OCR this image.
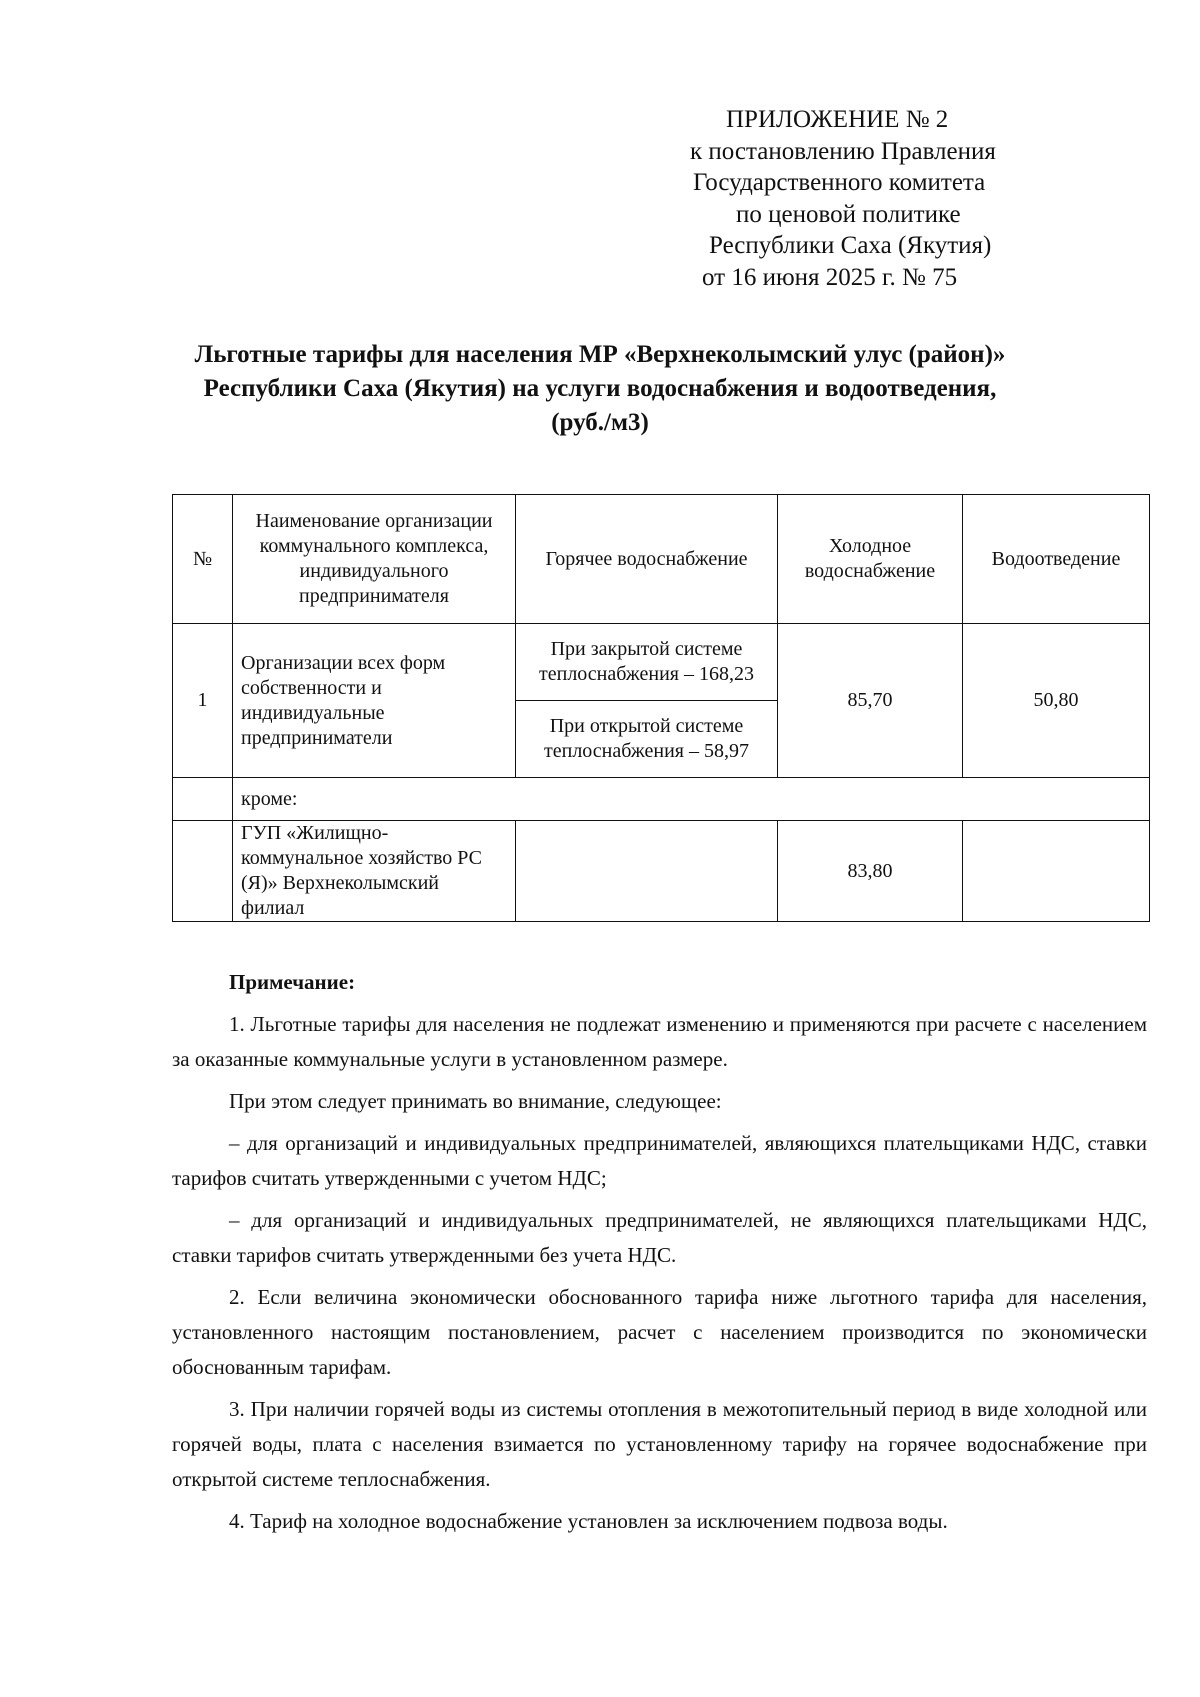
ПРИЛОЖЕНИЕ № 2
к постановлению Правления
Государственного комитета
по ценовой политике
Республики Саха (Якутия)
от 16 июня 2025 г. № 75
Льготные тарифы для населения МР «Верхнеколымский улус (район)»
Республики Саха (Якутия) на услуги водоснабжения и водоотведения,
(руб./м3)
№	Наименование организации коммунального комплекса, индивидуального предпринимателя	Горячее водоснабжение	Холодное водоснабжение	Водоотведение
1	Организации всех форм собственности и индивидуальные предприниматели	При закрытой системе теплоснабжения – 168,23	85,70	50,80
		При открытой системе теплоснабжения – 58,97		
	кроме:			
	ГУП «Жилищно-коммунальное хозяйство РС (Я)» Верхнеколымский филиал		83,80	

Примечание:

1. Льготные тарифы для населения не подлежат изменению и применяются при расчете с населением за оказанные коммунальные услуги в установленном размере.

При этом следует принимать во внимание, следующее:

– для организаций и индивидуальных предпринимателей, являющихся плательщиками НДС, ставки тарифов считать утвержденными с учетом НДС;

– для организаций и индивидуальных предпринимателей, не являющихся плательщиками НДС, ставки тарифов считать утвержденными без учета НДС.

2. Если величина экономически обоснованного тарифа ниже льготного тарифа для населения, установленного настоящим постановлением, расчет с населением производится по экономически обоснованным тарифам.

3. При наличии горячей воды из системы отопления в межотопительный период в виде холодной или горячей воды, плата с населения взимается по установленному тарифу на горячее водоснабжение при открытой системе теплоснабжения.

4. Тариф на холодное водоснабжение установлен за исключением подвоза воды.
